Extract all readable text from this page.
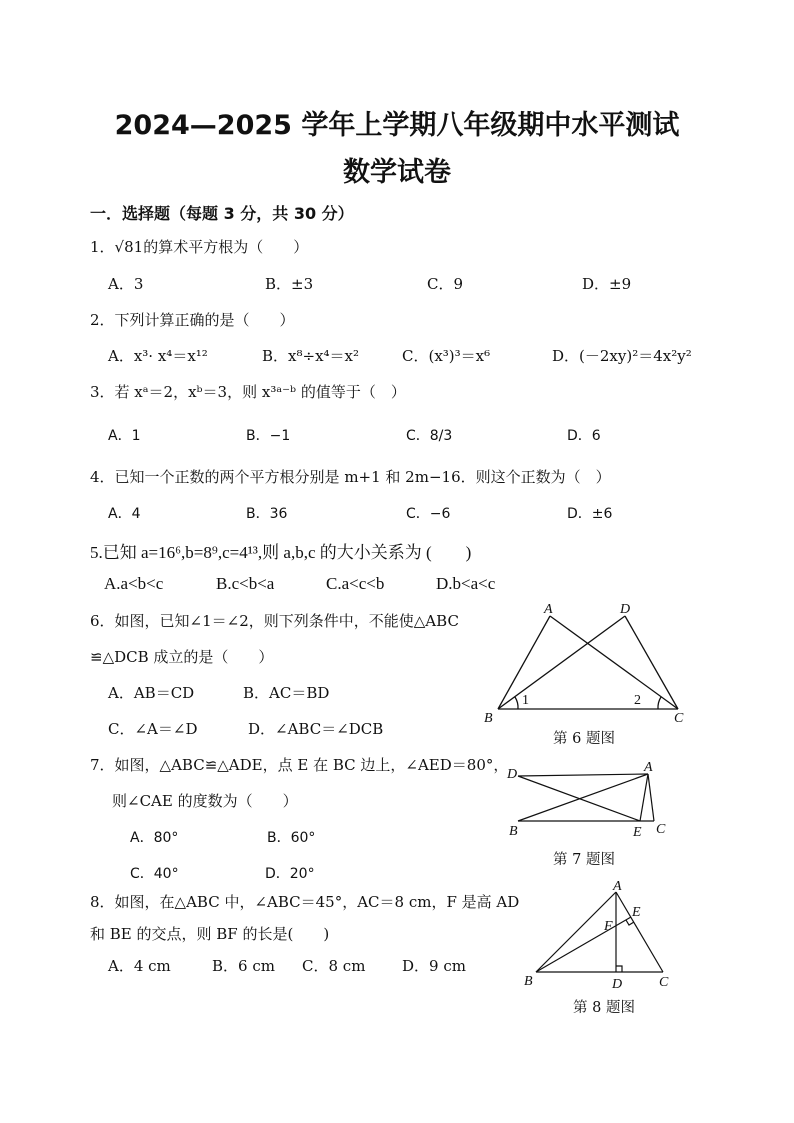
2024—2025 学年上学期八年级期中水平测试
数学试卷
一．选择题（每题 3 分，共 30 分）
1．√81的算术平方根为（　　）
A．3	B．±3	C．9	D．±9
2．下列计算正确的是（　　）
A．x³· x⁴＝x¹²	B．x⁸÷x⁴＝x²	C．(x³)³＝x⁶	D．(－2xy)²＝4x²y²
3．若 xᵃ＝2，xᵇ＝3，则 x³ᵃ⁻ᵇ 的值等于（　）
A．1	B．−1	C．8/3	D．6
4．已知一个正数的两个平方根分别是 m+1 和 2m−16．则这个正数为（　）
A．4	B．36	C．−6	D．±6
5.已知 a=16⁶,b=8⁹,c=4¹³,则 a,b,c 的大小关系为 (　　)
A.a<b<c	B.c<b<a	C.a<c<b	D.b<a<c
6．如图，已知∠1＝∠2，则下列条件中，不能使△ABC
≌△DCB 成立的是（　　）
A．AB＝CD	B．AC＝BD
C．∠A＝∠D	D．∠ABC＝∠DCB
A	D
B	C
1	2
第 6 题图
7．如图，△ABC≌△ADE，点 E 在 BC 边上，∠AED＝80°，
则∠CAE 的度数为（　　）
A．80°	B．60°
C．40°	D．20°
D	A
B	E C
第 7 题图
8．如图，在△ABC 中，∠ABC＝45°，AC＝8 cm，F 是高 AD
和 BE 的交点，则 BF 的长是(　　)
A．4 cm	B．6 cm C．8 cm D．9 cm
A
E
F
B	D	C
第 8 题图
